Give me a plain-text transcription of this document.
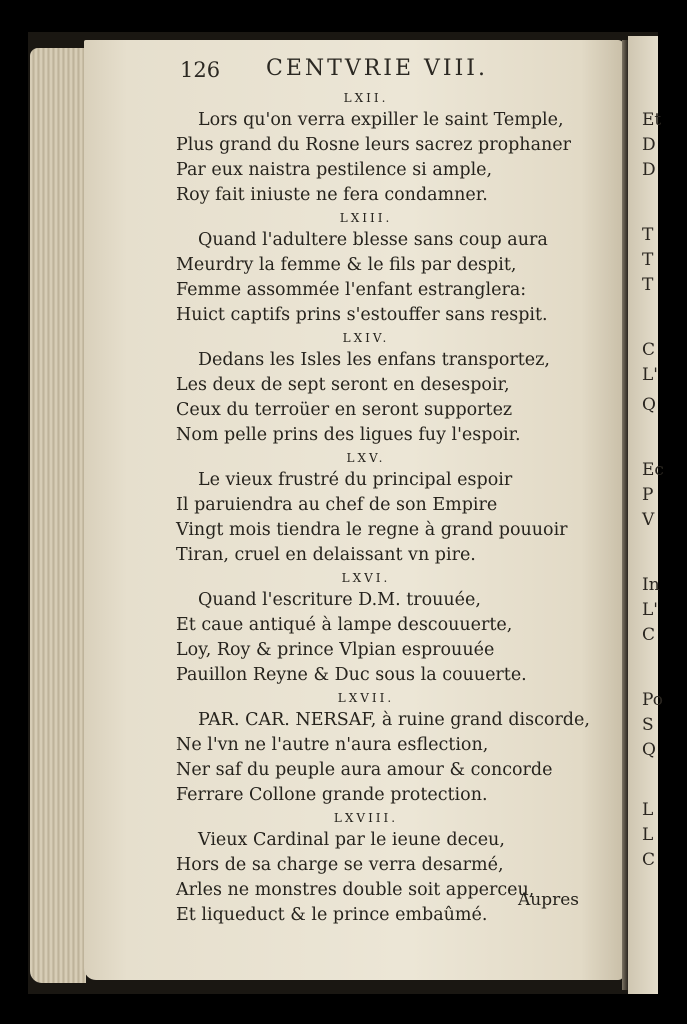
Et
D
D
T
T
T
C
L'
Q
Ec
P
V
In
L'
C
Po
S
Q
L
L
C
126 CENTVRIE VIII.
LXII.
Lors qu'on verra expiller le saint Temple,
Plus grand du Rosne leurs sacrez prophaner
Par eux naistra pestilence si ample,
Roy fait iniuste ne fera condamner.
LXIII.
Quand l'adultere blesse sans coup aura
Meurdry la femme & le fils par despit,
Femme assommée l'enfant estranglera:
Huict captifs prins s'estouffer sans respit.
LXIV.
Dedans les Isles les enfans transportez,
Les deux de sept seront en desespoir,
Ceux du terroüer en seront supportez
Nom pelle prins des ligues fuy l'espoir.
LXV.
Le vieux frustré du principal espoir
Il paruiendra au chef de son Empire
Vingt mois tiendra le regne à grand pouuoir
Tiran, cruel en delaissant vn pire.
LXVI.
Quand l'escriture D.M. trouuée,
Et caue antiqué à lampe descouuerte,
Loy, Roy & prince Vlpian esprouuée
Pauillon Reyne & Duc sous la couuerte.
LXVII.
PAR. CAR. NERSAF, à ruine grand discorde,
Ne l'vn ne l'autre n'aura esflection,
Ner saf du peuple aura amour & concorde
Ferrare Collone grande protection.
LXVIII.
Vieux Cardinal par le ieune deceu,
Hors de sa charge se verra desarmé,
Arles ne monstres double soit apperceu,
Et liqueduct & le prince embaûmé.
Aupres
